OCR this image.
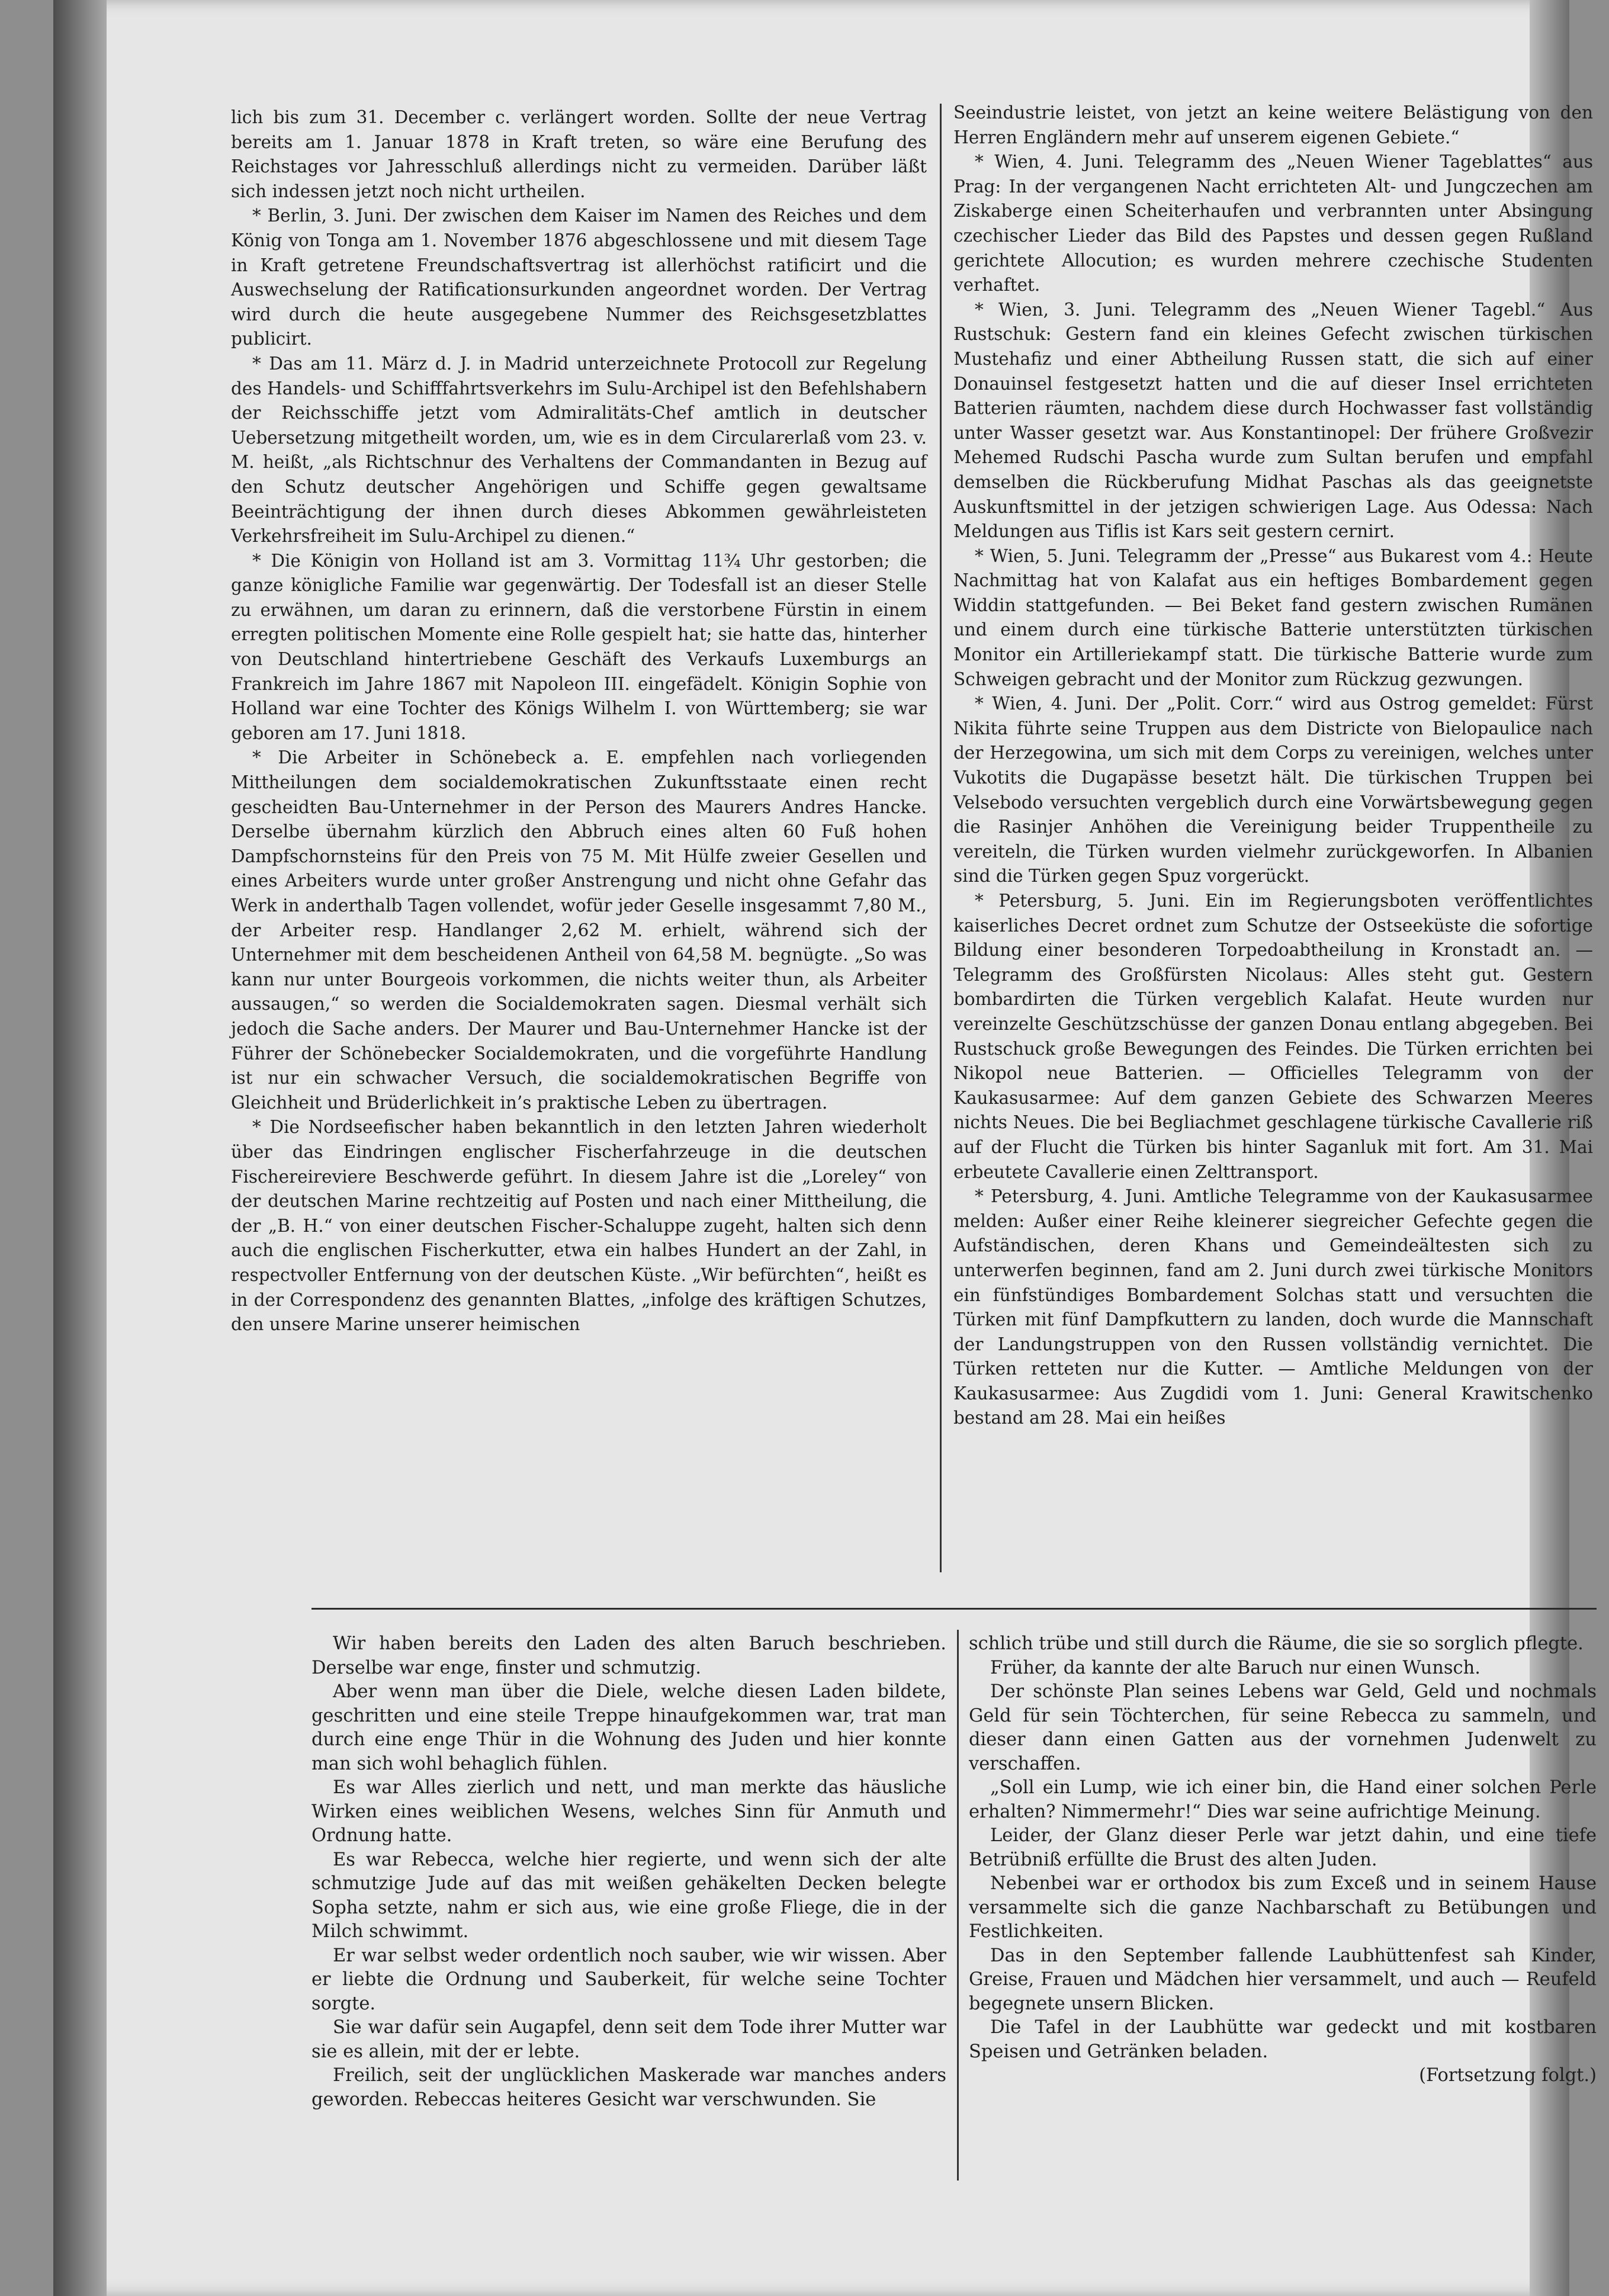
lich bis zum 31. December c. verlängert worden. Sollte der neue Vertrag bereits am 1. Januar 1878 in Kraft treten, so wäre eine Berufung des Reichstages vor Jahresschluß allerdings nicht zu vermeiden. Darüber läßt sich indessen jetzt noch nicht urtheilen.

* Berlin, 3. Juni. Der zwischen dem Kaiser im Namen des Reiches und dem König von Tonga am 1. November 1876 abgeschlossene und mit diesem Tage in Kraft getretene Freundschaftsvertrag ist allerhöchst ratificirt und die Auswechselung der Ratificationsurkunden angeordnet worden. Der Vertrag wird durch die heute ausgegebene Nummer des Reichsgesetzblattes publicirt.

* Das am 11. März d. J. in Madrid unterzeichnete Protocoll zur Regelung des Handels- und Schifffahrtsverkehrs im Sulu-Archipel ist den Befehlshabern der Reichsschiffe jetzt vom Admiralitäts-Chef amtlich in deutscher Uebersetzung mitgetheilt worden, um, wie es in dem Circularerlaß vom 23. v. M. heißt, „als Richtschnur des Verhaltens der Commandanten in Bezug auf den Schutz deutscher Angehörigen und Schiffe gegen gewaltsame Beeinträchtigung der ihnen durch dieses Abkommen gewährleisteten Verkehrsfreiheit im Sulu-Archipel zu dienen.“

* Die Königin von Holland ist am 3. Vormittag 11¾ Uhr gestorben; die ganze königliche Familie war gegenwärtig. Der Todesfall ist an dieser Stelle zu erwähnen, um daran zu erinnern, daß die verstorbene Fürstin in einem erregten politischen Momente eine Rolle gespielt hat; sie hatte das, hinterher von Deutschland hintertriebene Geschäft des Verkaufs Luxemburgs an Frankreich im Jahre 1867 mit Napoleon III. eingefädelt. Königin Sophie von Holland war eine Tochter des Königs Wilhelm I. von Württemberg; sie war geboren am 17. Juni 1818.

* Die Arbeiter in Schönebeck a. E. empfehlen nach vorliegenden Mittheilungen dem socialdemokratischen Zukunftsstaate einen recht gescheidten Bau-Unternehmer in der Person des Maurers Andres Hancke. Derselbe übernahm kürzlich den Abbruch eines alten 60 Fuß hohen Dampfschornsteins für den Preis von 75 M. Mit Hülfe zweier Gesellen und eines Arbeiters wurde unter großer Anstrengung und nicht ohne Gefahr das Werk in anderthalb Tagen vollendet, wofür jeder Geselle insgesammt 7,80 M., der Arbeiter resp. Handlanger 2,62 M. erhielt, während sich der Unternehmer mit dem bescheidenen Antheil von 64,58 M. begnügte. „So was kann nur unter Bourgeois vorkommen, die nichts weiter thun, als Arbeiter aussaugen,“ so werden die Socialdemokraten sagen. Diesmal verhält sich jedoch die Sache anders. Der Maurer und Bau-Unternehmer Hancke ist der Führer der Schönebecker Socialdemokraten, und die vorgeführte Handlung ist nur ein schwacher Versuch, die socialdemokratischen Begriffe von Gleichheit und Brüderlichkeit in’s praktische Leben zu übertragen.

* Die Nordseefischer haben bekanntlich in den letzten Jahren wiederholt über das Eindringen englischer Fischerfahrzeuge in die deutschen Fischereireviere Beschwerde geführt. In diesem Jahre ist die „Loreley“ von der deutschen Marine rechtzeitig auf Posten und nach einer Mittheilung, die der „B. H.“ von einer deutschen Fischer-Schaluppe zugeht, halten sich denn auch die englischen Fischerkutter, etwa ein halbes Hundert an der Zahl, in respectvoller Entfernung von der deutschen Küste. „Wir befürchten“, heißt es in der Correspondenz des genannten Blattes, „infolge des kräftigen Schutzes, den unsere Marine unserer heimischen

Seeindustrie leistet, von jetzt an keine weitere Belästigung von den Herren Engländern mehr auf unserem eigenen Gebiete.“

* Wien, 4. Juni. Telegramm des „Neuen Wiener Tageblattes“ aus Prag: In der vergangenen Nacht errichteten Alt- und Jungczechen am Ziskaberge einen Scheiterhaufen und verbrannten unter Absingung czechischer Lieder das Bild des Papstes und dessen gegen Rußland gerichtete Allocution; es wurden mehrere czechische Studenten verhaftet.

* Wien, 3. Juni. Telegramm des „Neuen Wiener Tagebl.“ Aus Rustschuk: Gestern fand ein kleines Gefecht zwischen türkischen Mustehafiz und einer Abtheilung Russen statt, die sich auf einer Donauinsel festgesetzt hatten und die auf dieser Insel errichteten Batterien räumten, nachdem diese durch Hochwasser fast vollständig unter Wasser gesetzt war. Aus Konstantinopel: Der frühere Großvezir Mehemed Rudschi Pascha wurde zum Sultan berufen und empfahl demselben die Rückberufung Midhat Paschas als das geeignetste Auskunftsmittel in der jetzigen schwierigen Lage. Aus Odessa: Nach Meldungen aus Tiflis ist Kars seit gestern cernirt.

* Wien, 5. Juni. Telegramm der „Presse“ aus Bukarest vom 4.: Heute Nachmittag hat von Kalafat aus ein heftiges Bombardement gegen Widdin stattgefunden. — Bei Beket fand gestern zwischen Rumänen und einem durch eine türkische Batterie unterstützten türkischen Monitor ein Artilleriekampf statt. Die türkische Batterie wurde zum Schweigen gebracht und der Monitor zum Rückzug gezwungen.

* Wien, 4. Juni. Der „Polit. Corr.“ wird aus Ostrog gemeldet: Fürst Nikita führte seine Truppen aus dem Districte von Bielopaulice nach der Herzegowina, um sich mit dem Corps zu vereinigen, welches unter Vukotits die Dugapässe besetzt hält. Die türkischen Truppen bei Velsebodo versuchten vergeblich durch eine Vorwärtsbewegung gegen die Rasinjer Anhöhen die Vereinigung beider Truppentheile zu vereiteln, die Türken wurden vielmehr zurückgeworfen. In Albanien sind die Türken gegen Spuz vorgerückt.

* Petersburg, 5. Juni. Ein im Regierungsboten veröffentlichtes kaiserliches Decret ordnet zum Schutze der Ostseeküste die sofortige Bildung einer besonderen Torpedoabtheilung in Kronstadt an. — Telegramm des Großfürsten Nicolaus: Alles steht gut. Gestern bombardirten die Türken vergeblich Kalafat. Heute wurden nur vereinzelte Geschützschüsse der ganzen Donau entlang abgegeben. Bei Rustschuck große Bewegungen des Feindes. Die Türken errichten bei Nikopol neue Batterien. — Officielles Telegramm von der Kaukasusarmee: Auf dem ganzen Gebiete des Schwarzen Meeres nichts Neues. Die bei Begliachmet geschlagene türkische Cavallerie riß auf der Flucht die Türken bis hinter Saganluk mit fort. Am 31. Mai erbeutete Cavallerie einen Zelttransport.

* Petersburg, 4. Juni. Amtliche Telegramme von der Kaukasusarmee melden: Außer einer Reihe kleinerer siegreicher Gefechte gegen die Aufständischen, deren Khans und Gemeindeältesten sich zu unterwerfen beginnen, fand am 2. Juni durch zwei türkische Monitors ein fünfstündiges Bombardement Solchas statt und versuchten die Türken mit fünf Dampfkuttern zu landen, doch wurde die Mannschaft der Landungstruppen von den Russen vollständig vernichtet. Die Türken retteten nur die Kutter. — Amtliche Meldungen von der Kaukasusarmee: Aus Zugdidi vom 1. Juni: General Krawitschenko bestand am 28. Mai ein heißes

Wir haben bereits den Laden des alten Baruch beschrieben. Derselbe war enge, finster und schmutzig.

Aber wenn man über die Diele, welche diesen Laden bildete, geschritten und eine steile Treppe hinaufgekommen war, trat man durch eine enge Thür in die Wohnung des Juden und hier konnte man sich wohl behaglich fühlen.

Es war Alles zierlich und nett, und man merkte das häusliche Wirken eines weiblichen Wesens, welches Sinn für Anmuth und Ordnung hatte.

Es war Rebecca, welche hier regierte, und wenn sich der alte schmutzige Jude auf das mit weißen gehäkelten Decken belegte Sopha setzte, nahm er sich aus, wie eine große Fliege, die in der Milch schwimmt.

Er war selbst weder ordentlich noch sauber, wie wir wissen. Aber er liebte die Ordnung und Sauberkeit, für welche seine Tochter sorgte.

Sie war dafür sein Augapfel, denn seit dem Tode ihrer Mutter war sie es allein, mit der er lebte.

Freilich, seit der unglücklichen Maskerade war manches anders geworden. Rebeccas heiteres Gesicht war verschwunden. Sie

schlich trübe und still durch die Räume, die sie so sorglich pflegte.

Früher, da kannte der alte Baruch nur einen Wunsch.

Der schönste Plan seines Lebens war Geld, Geld und nochmals Geld für sein Töchterchen, für seine Rebecca zu sammeln, und dieser dann einen Gatten aus der vornehmen Judenwelt zu verschaffen.

„Soll ein Lump, wie ich einer bin, die Hand einer solchen Perle erhalten? Nimmermehr!“ Dies war seine aufrichtige Meinung.

Leider, der Glanz dieser Perle war jetzt dahin, und eine tiefe Betrübniß erfüllte die Brust des alten Juden.

Nebenbei war er orthodox bis zum Exceß und in seinem Hause versammelte sich die ganze Nachbarschaft zu Betübungen und Festlichkeiten.

Das in den September fallende Laubhüttenfest sah Kinder, Greise, Frauen und Mädchen hier versammelt, und auch — Reufeld begegnete unsern Blicken.

Die Tafel in der Laubhütte war gedeckt und mit kostbaren Speisen und Getränken beladen.

(Fortsetzung folgt.)
